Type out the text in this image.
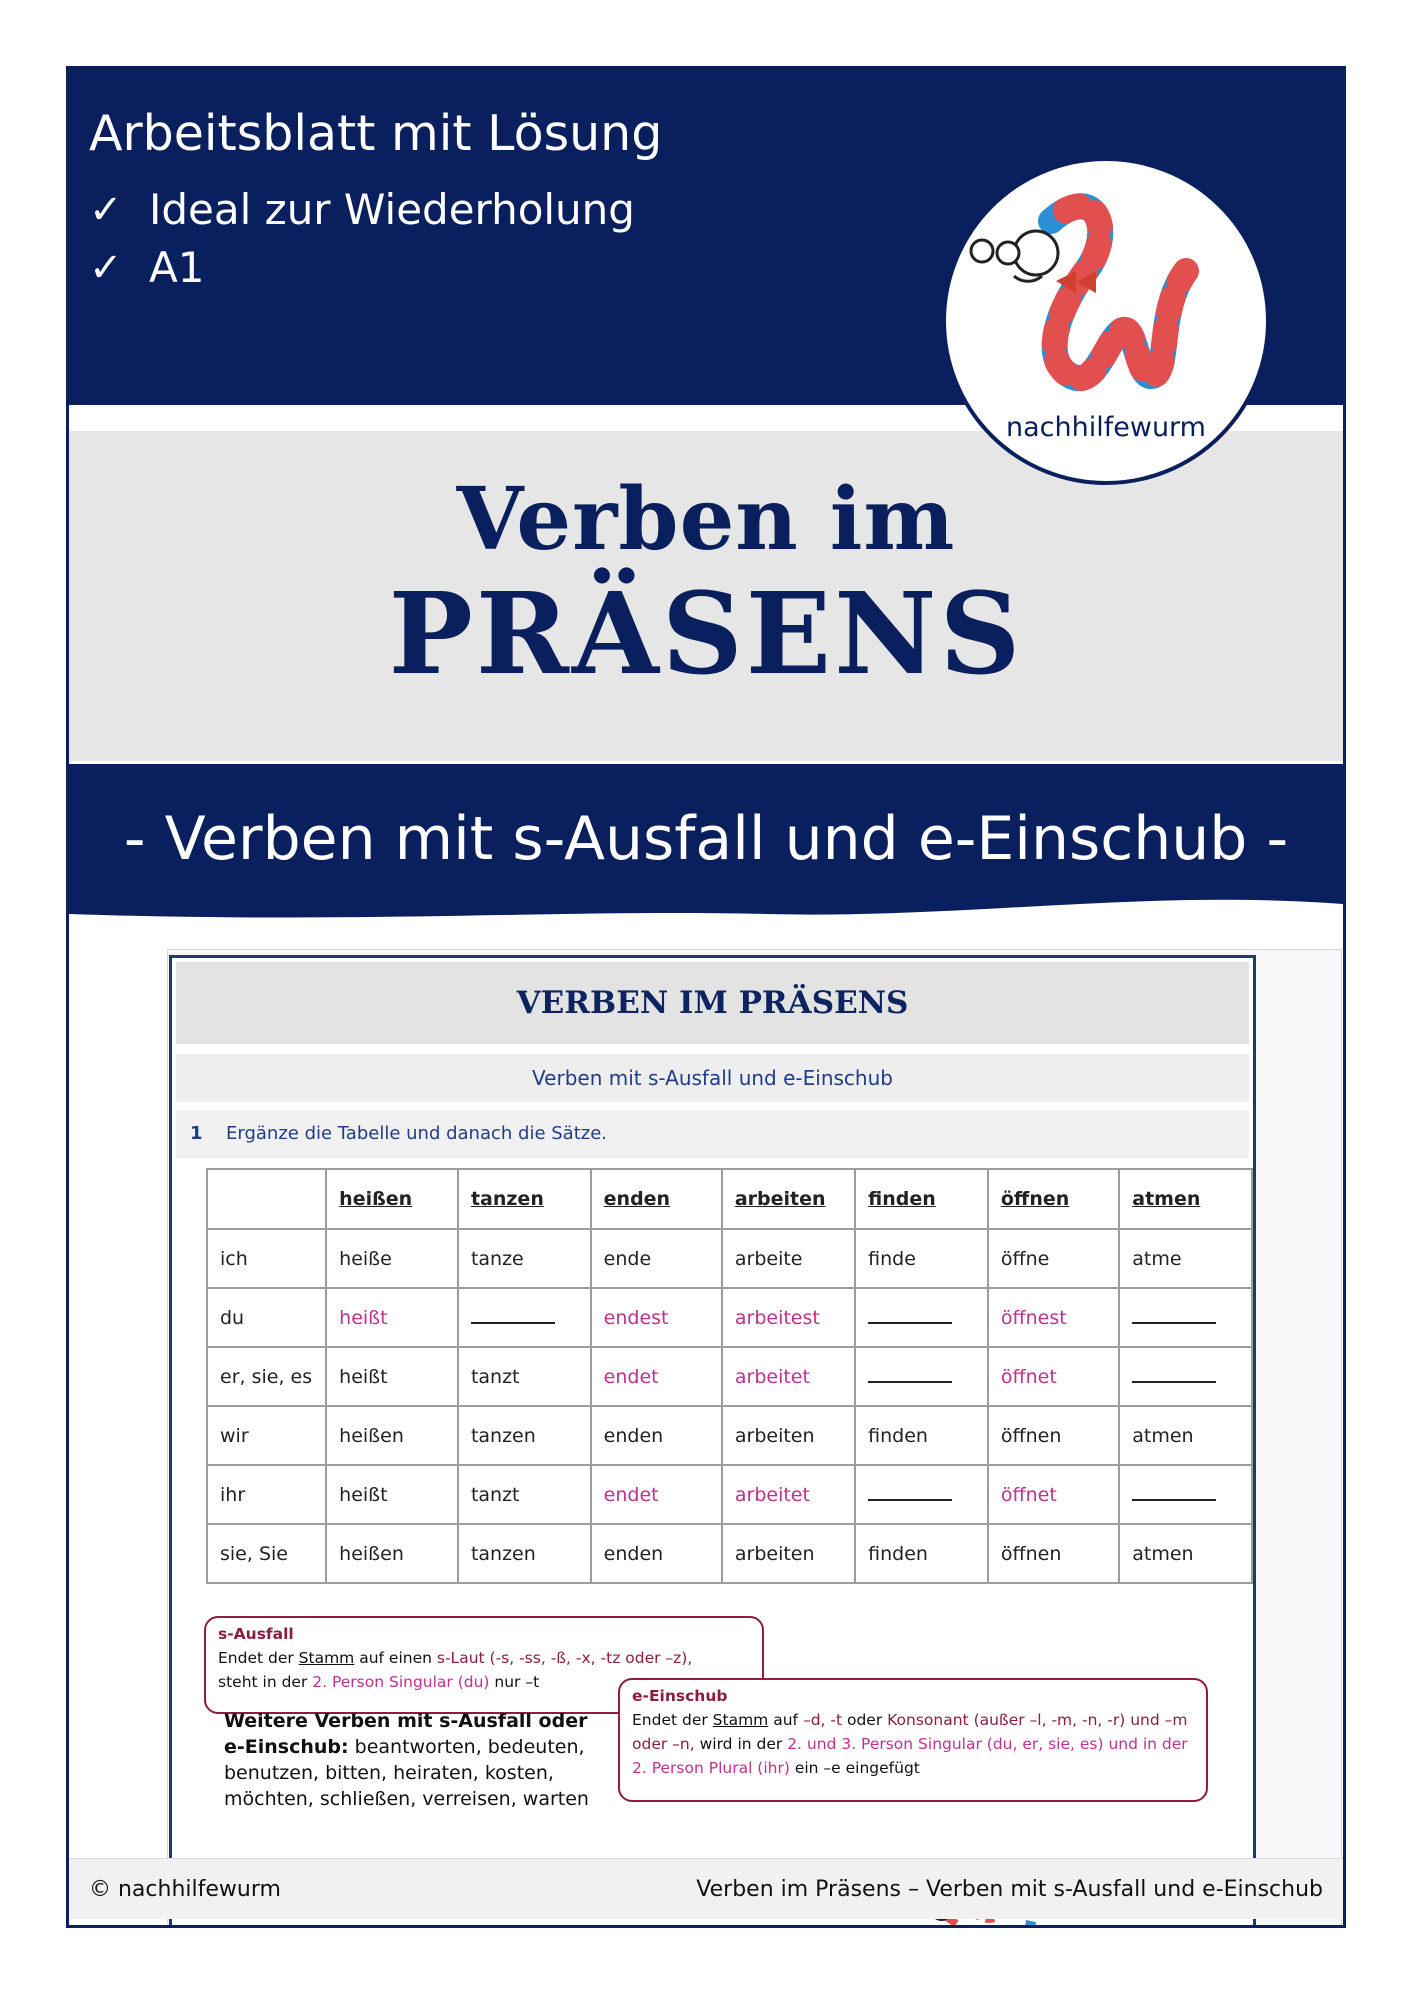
Arbeitsblatt mit Lösung
✓ Ideal zur Wiederholung
✓ A1
Verben im
PRÄSENS
- Verben mit s-Ausfall und e-Einschub -
nachhilfewurm
VERBEN IM PRÄSENS
Verben mit s-Ausfall und e-Einschub
1 Ergänze die Tabelle und danach die Sätze.
	heißen	tanzen	enden	arbeiten	finden	öffnen	atmen
ich	heiße	tanze	ende	arbeite	finde	öffne	atme
du	heißt		endest	arbeitest		öffnest	
er, sie, es	heißt	tanzt	endet	arbeitet		öffnet	
wir	heißen	tanzen	enden	arbeiten	finden	öffnen	atmen
ihr	heißt	tanzt	endet	arbeitet		öffnet	
sie, Sie	heißen	tanzen	enden	arbeiten	finden	öffnen	atmen
s-Ausfall
Endet der Stamm auf einen s-Laut (-s, -ss, -ß, -x, -tz oder –z),
steht in der 2. Person Singular (du) nur –t
e-Einschub
Endet der Stamm auf –d, -t oder Konsonant (außer –l, -m, -n, -r) und –m oder –n, wird in der 2. und 3. Person Singular (du, er, sie, es) und in der 2. Person Plural (ihr) ein –e eingefügt
Weitere Verben mit s-Ausfall oder e-Einschub: beantworten, bedeuten, benutzen, bitten, heiraten, kosten, möchten, schließen, verreisen, warten
© nachhilfewurm	Verben im Präsens – Verben mit s-Ausfall und e-Einschub
